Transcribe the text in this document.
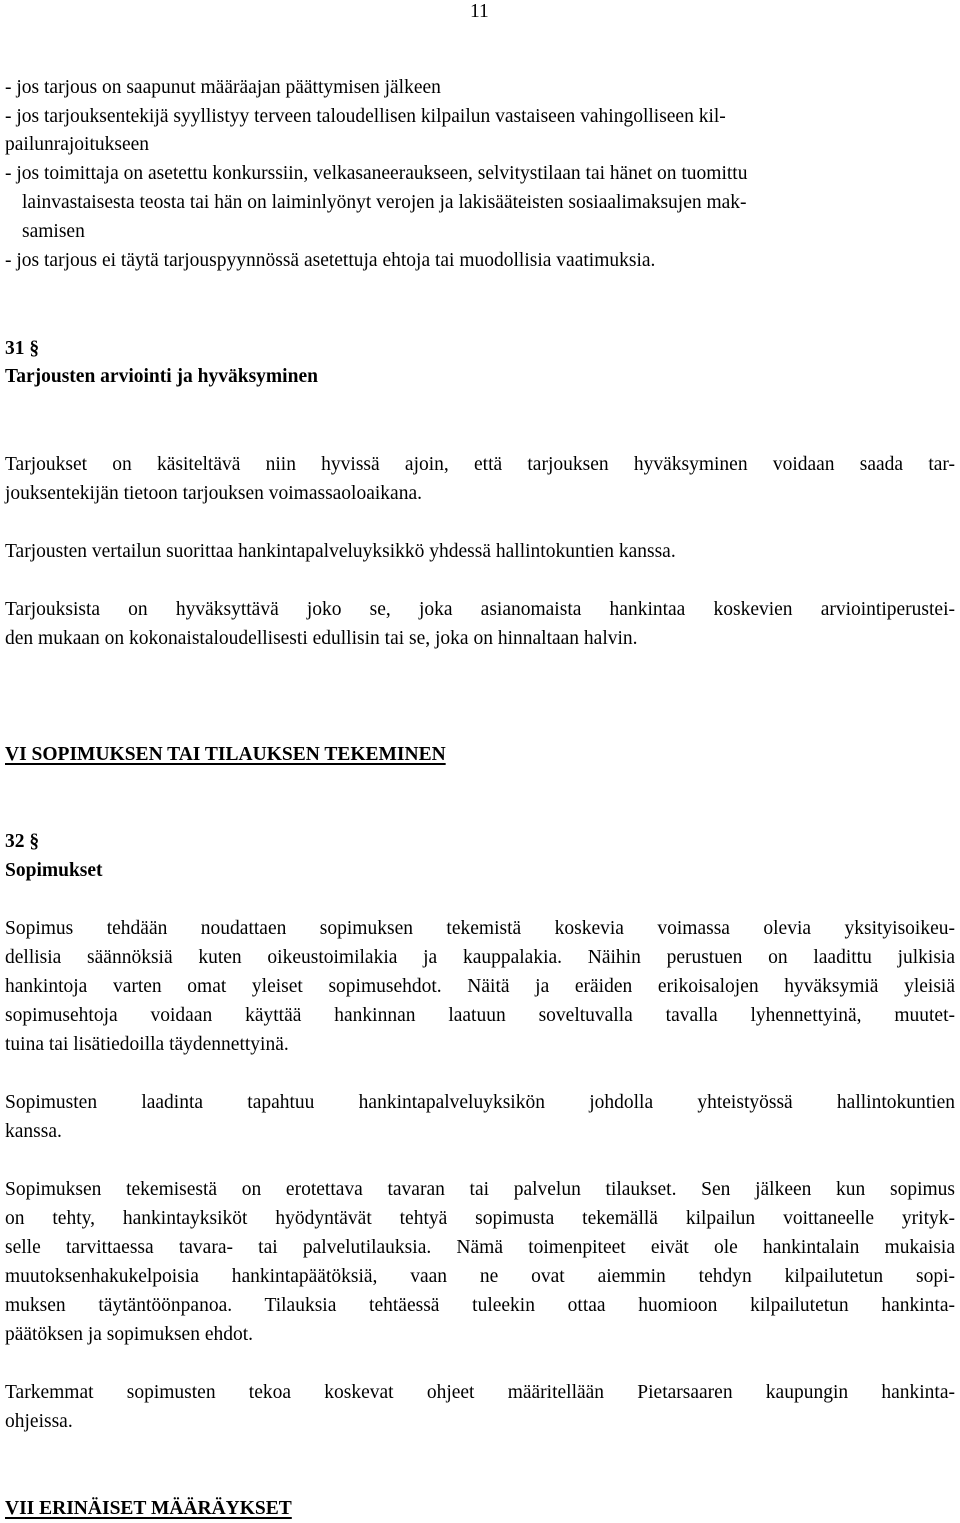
11
- jos tarjous on saapunut määräajan päättymisen jälkeen
- jos tarjouksentekijä syyllistyy terveen taloudellisen kilpailun vastaiseen vahingolliseen kil-
pailunrajoitukseen
- jos toimittaja on asetettu konkurssiin, velkasaneeraukseen, selvitystilaan tai hänet on tuomittu
lainvastaisesta teosta tai hän on laiminlyönyt verojen ja lakisääteisten sosiaalimaksujen mak-
samisen
- jos tarjous ei täytä tarjouspyynnössä asetettuja ehtoja tai muodollisia vaatimuksia.
31 §
Tarjousten arviointi ja hyväksyminen
Tarjoukset on käsiteltävä niin hyvissä ajoin, että tarjouksen hyväksyminen voidaan saada tar-
jouksentekijän tietoon tarjouksen voimassaoloaikana.
Tarjousten vertailun suorittaa hankintapalveluyksikkö yhdessä hallintokuntien kanssa.
Tarjouksista on hyväksyttävä joko se, joka asianomaista hankintaa koskevien arviointiperustei-
den mukaan on kokonaistaloudellisesti edullisin tai se, joka on hinnaltaan halvin.
VI SOPIMUKSEN TAI TILAUKSEN TEKEMINEN
32 §
Sopimukset
Sopimus tehdään noudattaen sopimuksen tekemistä koskevia voimassa olevia yksityisoikeu-
dellisia säännöksiä kuten oikeustoimilakia ja kauppalakia. Näihin perustuen on laadittu julkisia
hankintoja varten omat yleiset sopimusehdot. Näitä ja eräiden erikoisalojen hyväksymiä yleisiä
sopimusehtoja voidaan käyttää hankinnan laatuun soveltuvalla tavalla lyhennettyinä, muutet-
tuina tai lisätiedoilla täydennettyinä.
Sopimusten laadinta tapahtuu hankintapalveluyksikön johdolla yhteistyössä hallintokuntien
kanssa.
Sopimuksen tekemisestä on erotettava tavaran tai palvelun tilaukset. Sen jälkeen kun sopimus
on tehty, hankintayksiköt hyödyntävät tehtyä sopimusta tekemällä kilpailun voittaneelle yrityk-
selle tarvittaessa tavara- tai palvelutilauksia. Nämä toimenpiteet eivät ole hankintalain mukaisia
muutoksenhakukelpoisia hankintapäätöksiä, vaan ne ovat aiemmin tehdyn kilpailutetun sopi-
muksen täytäntöönpanoa. Tilauksia tehtäessä tuleekin ottaa huomioon kilpailutetun hankinta-
päätöksen ja sopimuksen ehdot.
Tarkemmat sopimusten tekoa koskevat ohjeet määritellään Pietarsaaren kaupungin hankinta-
ohjeissa.
VII ERINÄISET MÄÄRÄYKSET
